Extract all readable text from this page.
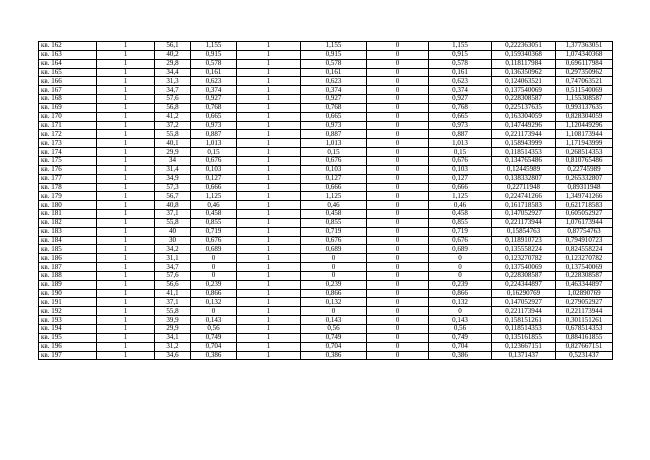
кв. 162	1	56,1	1,155	1	1,155	0	1,155	0,222363051	1,377363051
кв. 163	1	40,2	0,915	1	0,915	0	0,915	0,159340368	1,074340368
кв. 164	1	29,8	0,578	1	0,578	0	0,578	0,118117984	0,696117984
кв. 165	1	34,4	0,161	1	0,161	0	0,161	0,136350962	0,297350962
кв. 166	1	31,3	0,623	1	0,623	0	0,623	0,124063521	0,747063521
кв. 167	1	34,7	0,374	1	0,374	0	0,374	0,137540069	0,511540069
кв. 168	1	57,6	0,927	1	0,927	0	0,927	0,228308587	1,155308587
кв. 169	1	56,8	0,768	1	0,768	0	0,768	0,225137635	0,993137635
кв. 170	1	41,2	0,665	1	0,665	0	0,665	0,163304059	0,828304059
кв. 171	1	37,2	0,973	1	0,973	0	0,973	0,147449296	1,120449296
кв. 172	1	55,8	0,887	1	0,887	0	0,887	0,221173944	1,108173944
кв. 173	1	40,1	1,013	1	1,013	0	1,013	0,158943999	1,171943999
кв. 174	1	29,9	0,15	1	0,15	0	0,15	0,118514353	0,268514353
кв. 175	1	34	0,676	1	0,676	0	0,676	0,134765486	0,810765486
кв. 176	1	31,4	0,103	1	0,103	0	0,103	0,12445989	0,22745989
кв. 177	1	34,9	0,127	1	0,127	0	0,127	0,138332807	0,265332807
кв. 178	1	57,3	0,666	1	0,666	0	0,666	0,22711948	0,89311948
кв. 179	1	56,7	1,125	1	1,125	0	1,125	0,224741266	1,349741266
кв. 180	1	40,8	0,46	1	0,46	0	0,46	0,161718583	0,621718583
кв. 181	1	37,1	0,458	1	0,458	0	0,458	0,147052927	0,605052927
кв. 182	1	55,8	0,855	1	0,855	0	0,855	0,221173944	1,076173944
кв. 183	1	40	0,719	1	0,719	0	0,719	0,15854763	0,87754763
кв. 184	1	30	0,676	1	0,676	0	0,676	0,118910723	0,794910723
кв. 185	1	34,2	0,689	1	0,689	0	0,689	0,135558224	0,824558224
кв. 186	1	31,1	0	1	0	0	0	0,123270782	0,123270782
кв. 187	1	34,7	0	1	0	0	0	0,137540069	0,137540069
кв. 188	1	57,6	0	1	0	0	0	0,228308587	0,228308587
кв. 189	1	56,6	0,239	1	0,239	0	0,239	0,224344897	0,463344897
кв. 190	1	41,1	0,866	1	0,866	0	0,866	0,16290769	1,02890769
кв. 191	1	37,1	0,132	1	0,132	0	0,132	0,147052927	0,279052927
кв. 192	1	55,8	0	1	0	0	0	0,221173944	0,221173944
кв. 193	1	39,9	0,143	1	0,143	0	0,143	0,158151261	0,301151261
кв. 194	1	29,9	0,56	1	0,56	0	0,56	0,118514353	0,678514353
кв. 195	1	34,1	0,749	1	0,749	0	0,749	0,135161855	0,884161855
кв. 196	1	31,2	0,704	1	0,704	0	0,704	0,123667151	0,827667151
кв. 197	1	34,6	0,386	1	0,386	0	0,386	0,1371437	0,5231437
